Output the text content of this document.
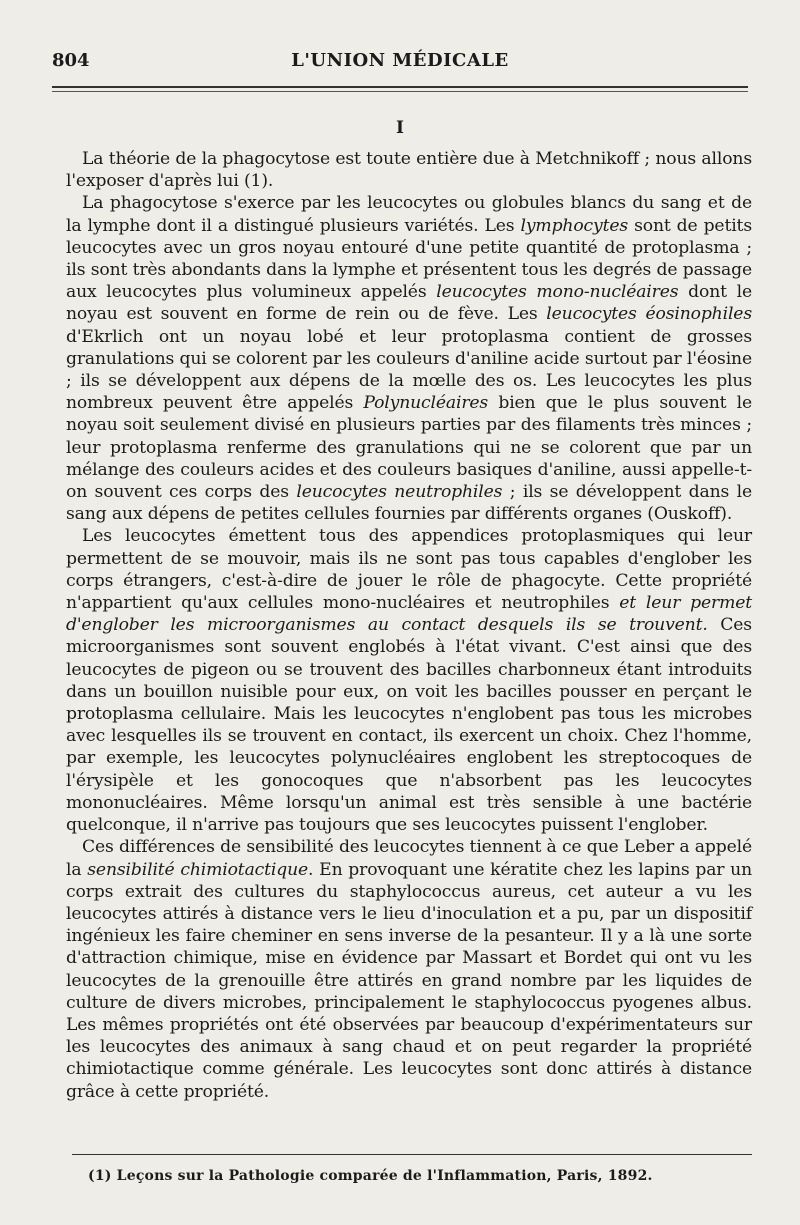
804	L'UNION MÉDICALE
I

La théorie de la phagocytose est toute entière due à Metchnikoff ; nous allons l'exposer d'après lui (1).

La phagocytose s'exerce par les leucocytes ou globules blancs du sang et de la lymphe dont il a distingué plusieurs variétés. Les lymphocytes sont de petits leucocytes avec un gros noyau entouré d'une petite quantité de protoplasma ; ils sont très abondants dans la lymphe et présentent tous les degrés de passage aux leucocytes plus volumineux appelés leucocytes mono-nucléaires dont le noyau est souvent en forme de rein ou de fève. Les leucocytes éosinophiles d'Ekrlich ont un noyau lobé et leur protoplasma contient de grosses granulations qui se colorent par les couleurs d'aniline acide surtout par l'éosine ; ils se développent aux dépens de la mœlle des os. Les leucocytes les plus nombreux peuvent être appelés Polynucléaires bien que le plus souvent le noyau soit seulement divisé en plusieurs parties par des filaments très minces ; leur protoplasma renferme des granulations qui ne se colorent que par un mélange des couleurs acides et des couleurs basiques d'aniline, aussi appelle-t-on souvent ces corps des leucocytes neutrophiles ; ils se développent dans le sang aux dépens de petites cellules fournies par différents organes (Ouskoff).

Les leucocytes émettent tous des appendices protoplasmiques qui leur permettent de se mouvoir, mais ils ne sont pas tous capables d'englober les corps étrangers, c'est-à-dire de jouer le rôle de phagocyte. Cette propriété n'appartient qu'aux cellules mono-nucléaires et neutrophiles et leur permet d'englober les microorganismes au contact desquels ils se trouvent. Ces microorganismes sont souvent englobés à l'état vivant. C'est ainsi que des leucocytes de pigeon ou se trouvent des bacilles charbonneux étant introduits dans un bouillon nuisible pour eux, on voit les bacilles pousser en perçant le protoplasma cellulaire. Mais les leucocytes n'englobent pas tous les microbes avec lesquelles ils se trouvent en contact, ils exercent un choix. Chez l'homme, par exemple, les leucocytes polynucléaires englobent les streptocoques de l'érysipèle et les gonocoques que n'absorbent pas les leucocytes mononucléaires. Même lorsqu'un animal est très sensible à une bactérie quelconque, il n'arrive pas toujours que ses leucocytes puissent l'englober.

Ces différences de sensibilité des leucocytes tiennent à ce que Leber a appelé la sensibilité chimiotactique. En provoquant une kératite chez les lapins par un corps extrait des cultures du staphylococcus aureus, cet auteur a vu les leucocytes attirés à distance vers le lieu d'inoculation et a pu, par un dispositif ingénieux les faire cheminer en sens inverse de la pesanteur. Il y a là une sorte d'attraction chimique, mise en évidence par Massart et Bordet qui ont vu les leucocytes de la grenouille être attirés en grand nombre par les liquides de culture de divers microbes, principalement le staphylococcus pyogenes albus. Les mêmes propriétés ont été observées par beaucoup d'expérimentateurs sur les leucocytes des animaux à sang chaud et on peut regarder la propriété chimiotactique comme générale. Les leucocytes sont donc attirés à distance grâce à cette propriété.

(1) Leçons sur la Pathologie comparée de l'Inflammation, Paris, 1892.
